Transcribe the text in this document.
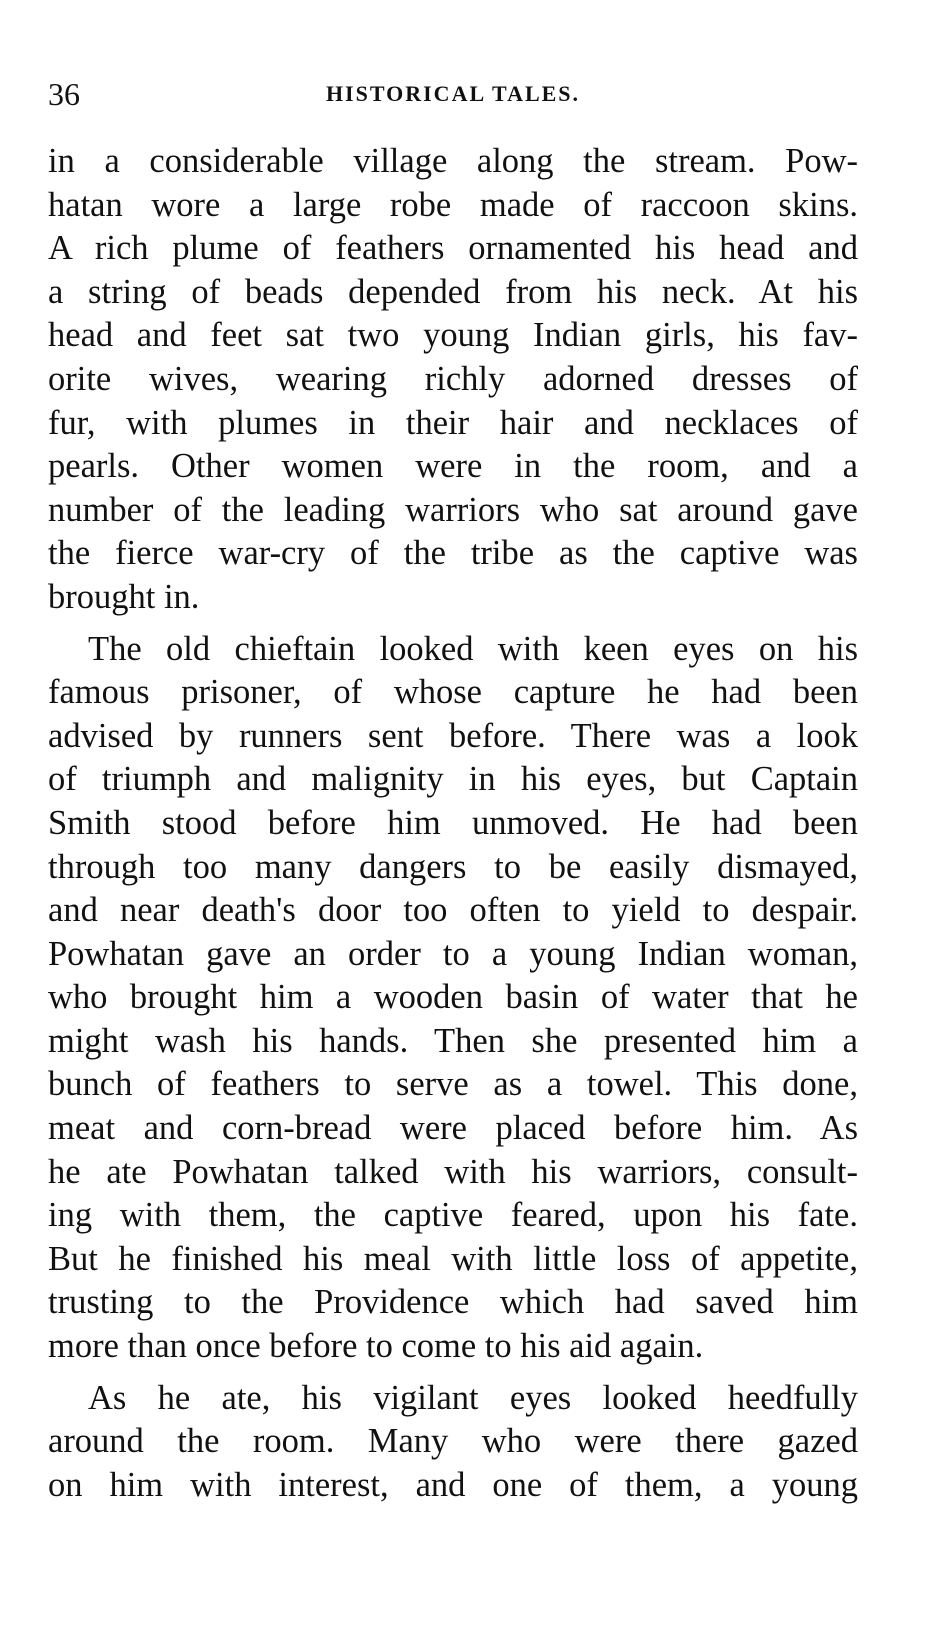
36	HISTORICAL TALES.
in a considerable village along the stream. Pow-
hatan wore a large robe made of raccoon skins.
A rich plume of feathers ornamented his head and
a string of beads depended from his neck. At his
head and feet sat two young Indian girls, his fav-
orite wives, wearing richly adorned dresses of
fur, with plumes in their hair and necklaces of
pearls. Other women were in the room, and a
number of the leading warriors who sat around gave
the fierce war-cry of the tribe as the captive was
brought in.
The old chieftain looked with keen eyes on his
famous prisoner, of whose capture he had been
advised by runners sent before. There was a look
of triumph and malignity in his eyes, but Captain
Smith stood before him unmoved. He had been
through too many dangers to be easily dismayed,
and near death's door too often to yield to despair.
Powhatan gave an order to a young Indian woman,
who brought him a wooden basin of water that he
might wash his hands. Then she presented him a
bunch of feathers to serve as a towel. This done,
meat and corn-bread were placed before him. As
he ate Powhatan talked with his warriors, consult-
ing with them, the captive feared, upon his fate.
But he finished his meal with little loss of appetite,
trusting to the Providence which had saved him
more than once before to come to his aid again.
As he ate, his vigilant eyes looked heedfully
around the room. Many who were there gazed
on him with interest, and one of them, a young
